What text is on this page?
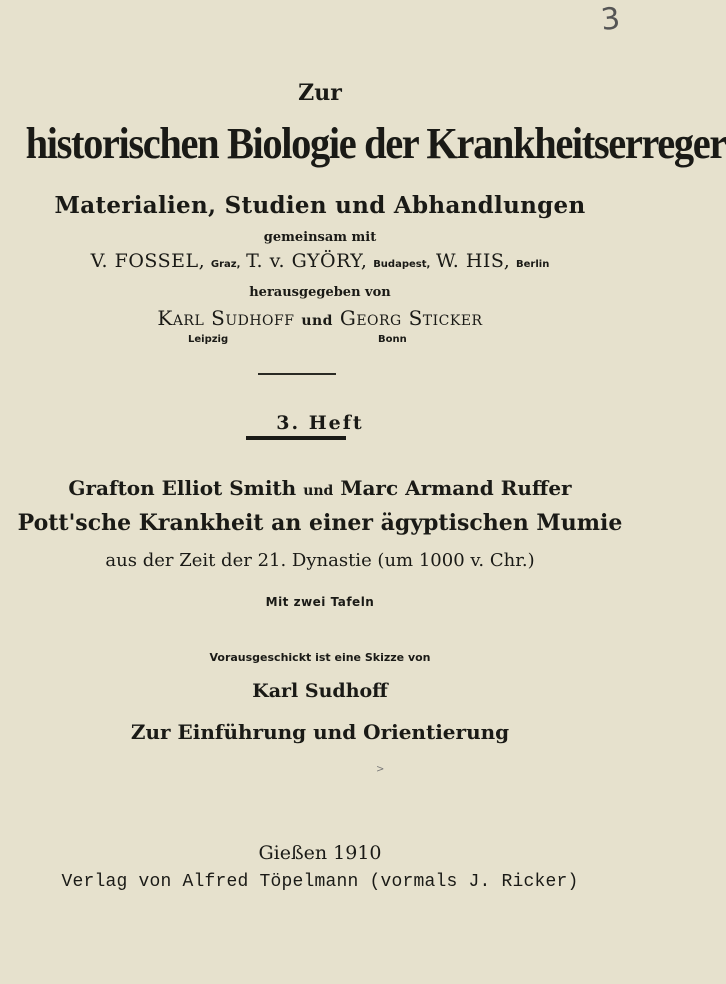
3
Zur
historischen Biologie der Krankheitserreger
Materialien, Studien und Abhandlungen
gemeinsam mit
V. FOSSEL, Graz, T. v. GYÖRY, Budapest, W. HIS, Berlin
herausgegeben von
Karl Sudhoff und Georg Sticker
Leipzig	Bonn
3. Heft
Grafton Elliot Smith und Marc Armand Ruffer
Pott'sche Krankheit an einer ägyptischen Mumie
aus der Zeit der 21. Dynastie (um 1000 v. Chr.)
Mit zwei Tafeln
Vorausgeschickt ist eine Skizze von
Karl Sudhoff
Zur Einführung und Orientierung
>
Gießen 1910
Verlag von Alfred Töpelmann (vormals J. Ricker)
